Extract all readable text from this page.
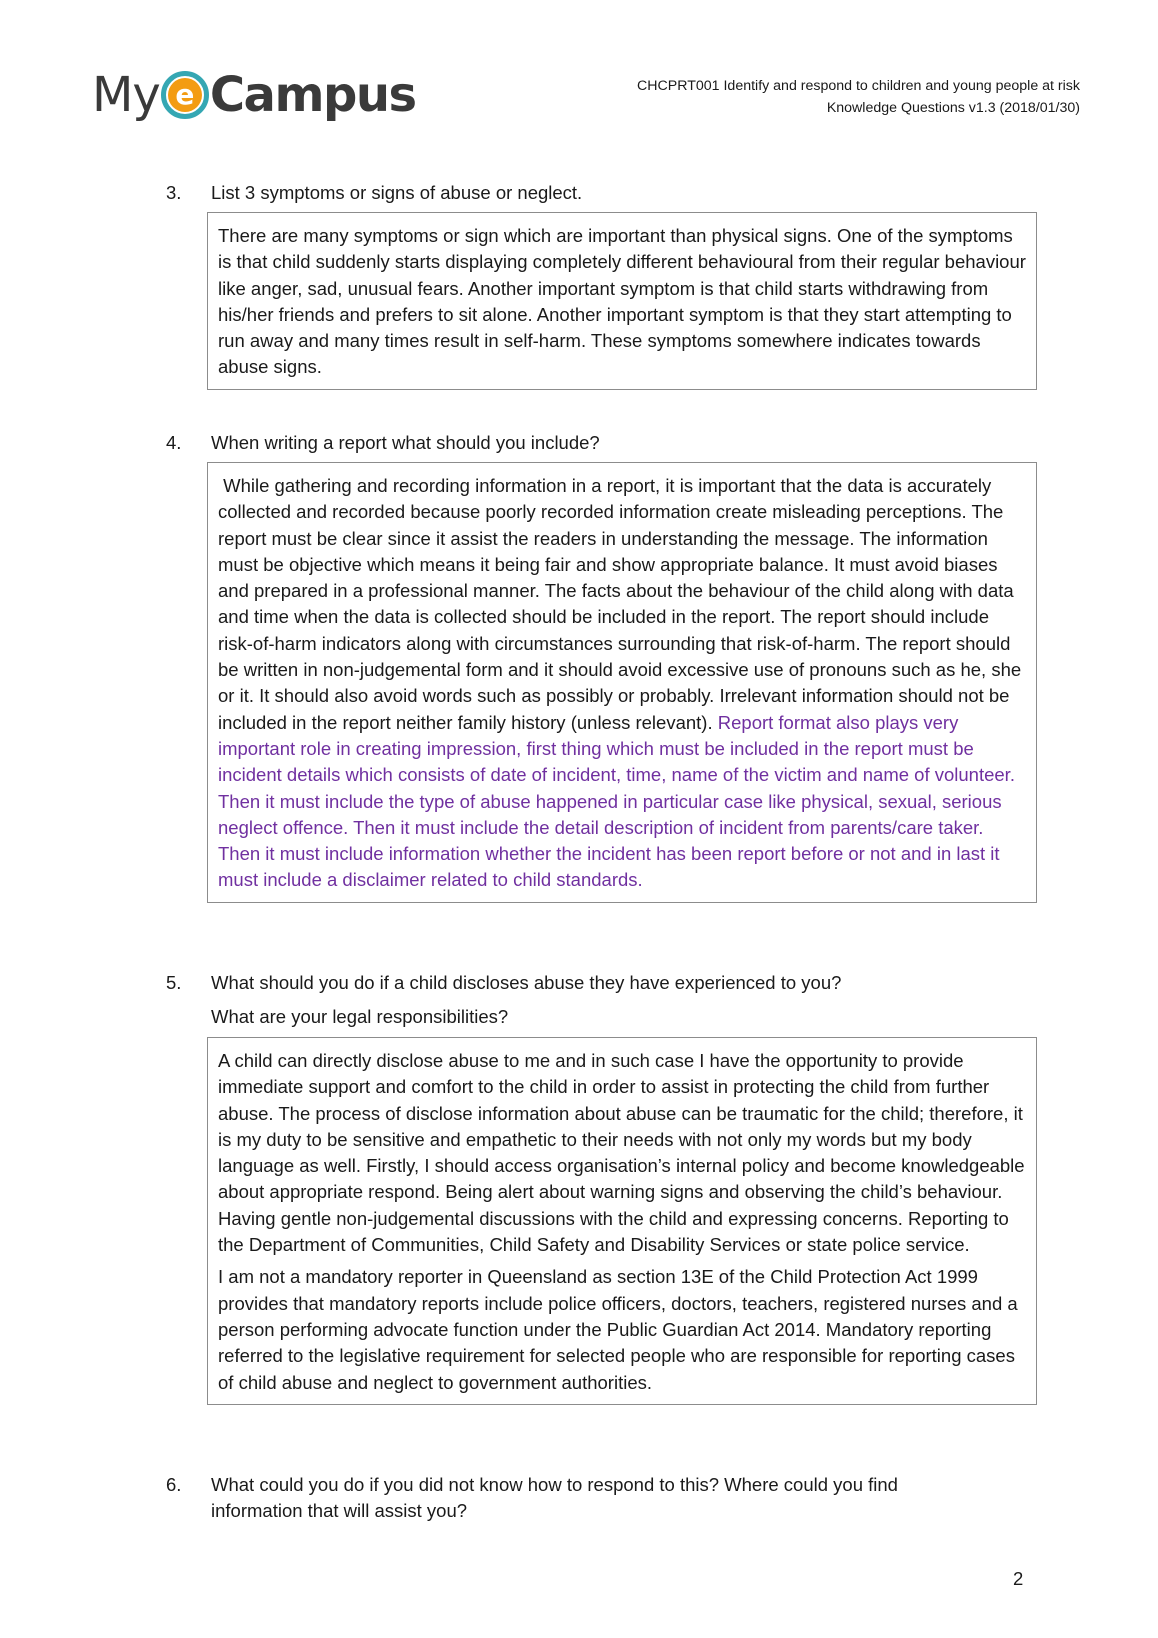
My e Campus	CHCPRT001 Identify and respond to children and young people at risk
Knowledge Questions v1.3 (2018/01/30)
3. List 3 symptoms or signs of abuse or neglect.

There are many symptoms or sign which are important than physical signs. One of the symptoms is that child suddenly starts displaying completely different behavioural from their regular behaviour like anger, sad, unusual fears. Another important symptom is that child starts withdrawing from his/her friends and prefers to sit alone. Another important symptom is that they start attempting to run away and many times result in self-harm. These symptoms somewhere indicates towards abuse signs.

4. When writing a report what should you include?

While gathering and recording information in a report, it is important that the data is accurately collected and recorded because poorly recorded information create misleading perceptions. The report must be clear since it assist the readers in understanding the message. The information must be objective which means it being fair and show appropriate balance. It must avoid biases and prepared in a professional manner. The facts about the behaviour of the child along with data and time when the data is collected should be included in the report. The report should include risk-of-harm indicators along with circumstances surrounding that risk-of-harm. The report should be written in non-judgemental form and it should avoid excessive use of pronouns such as he, she or it. It should also avoid words such as possibly or probably. Irrelevant information should not be included in the report neither family history (unless relevant). Report format also plays very important role in creating impression, first thing which must be included in the report must be incident details which consists of date of incident, time, name of the victim and name of volunteer. Then it must include the type of abuse happened in particular case like physical, sexual, serious neglect offence. Then it must include the detail description of incident from parents/care taker. Then it must include information whether the incident has been report before or not and in last it must include a disclaimer related to child standards.

5. What should you do if a child discloses abuse they have experienced to you?
What are your legal responsibilities?

A child can directly disclose abuse to me and in such case I have the opportunity to provide immediate support and comfort to the child in order to assist in protecting the child from further abuse. The process of disclose information about abuse can be traumatic for the child; therefore, it is my duty to be sensitive and empathetic to their needs with not only my words but my body language as well. Firstly, I should access organisation’s internal policy and become knowledgeable about appropriate respond. Being alert about warning signs and observing the child’s behaviour. Having gentle non-judgemental discussions with the child and expressing concerns. Reporting to the Department of Communities, Child Safety and Disability Services or state police service.

I am not a mandatory reporter in Queensland as section 13E of the Child Protection Act 1999 provides that mandatory reports include police officers, doctors, teachers, registered nurses and a person performing advocate function under the Public Guardian Act 2014. Mandatory reporting referred to the legislative requirement for selected people who are responsible for reporting cases of child abuse and neglect to government authorities.

6. What could you do if you did not know how to respond to this? Where could you find
information that will assist you?
2
